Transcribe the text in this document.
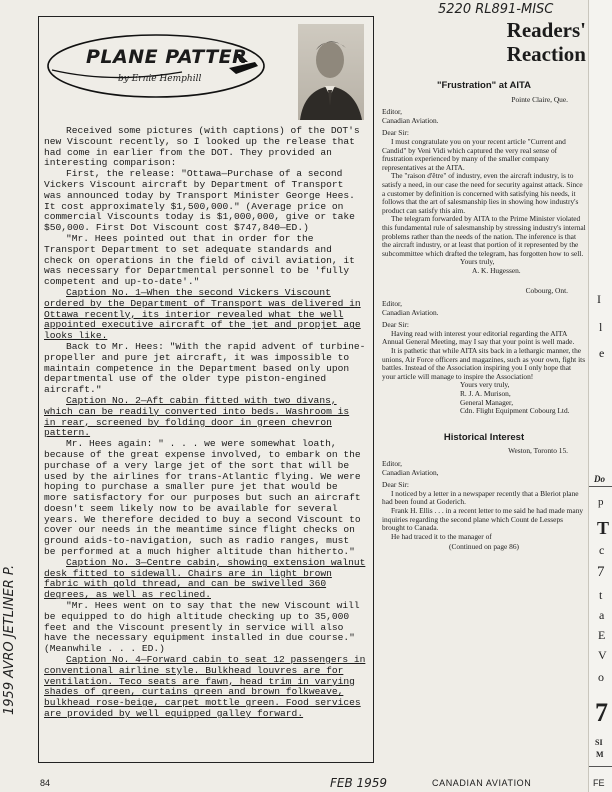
5220 RL891-MISC
1959 AVRO JETLINER P.
PLANE PATTER
by Ernie Hemphill

Received some pictures (with captions) of the DOT's new Viscount recently, so I looked up the release that had come in earlier from the DOT. They provided an interesting comparison:

First, the release: "Ottawa—Purchase of a second Vickers Viscount aircraft by Department of Transport was announced today by Transport Minister George Hees. It cost approximately $1,500,000." (Average price on commercial Viscounts today is $1,000,000, give or take $50,000. First Dot Viscount cost $747,840—ED.)

"Mr. Hees pointed out that in order for the Transport Department to set adequate standards and check on operations in the field of civil aviation, it was necessary for Departmental personnel to be 'fully competent and up-to-date'."

Caption No. 1—When the second Vickers Viscount ordered by the Department of Transport was delivered in Ottawa recently, its interior revealed what the well appointed executive aircraft of the jet and propjet age looks like.

Back to Mr. Hees: "With the rapid advent of turbine-propeller and pure jet aircraft, it was impossible to maintain competence in the Department based only upon departmental use of the older type piston-engined aircraft."

Caption No. 2—Aft cabin fitted with two divans, which can be readily converted into beds. Washroom is in rear, screened by folding door in green chevron pattern.

Mr. Hees again: " . . . we were somewhat loath, because of the great expense involved, to embark on the purchase of a very large jet of the sort that will be used by the airlines for trans-Atlantic flying. We were hoping to purchase a smaller pure jet that would be more satisfactory for our purposes but such an aircraft doesn't seem likely now to be available for several years. We therefore decided to buy a second Viscount to cover our needs in the meantime since flight checks on ground aids-to-navigation, such as radio ranges, must be performed at a much higher altitude than hitherto."

Caption No. 3—Centre cabin, showing extension walnut desk fitted to sidewall. Chairs are in light brown fabric with gold thread, and can be swivelled 360 degrees, as well as reclined.

"Mr. Hees went on to say that the new Viscount will be equipped to do high altitude checking up to 35,000 feet and the Viscount presently in service will also have the necessary equipment installed in due course." (Meanwhile . . . ED.)

Caption No. 4—Forward cabin to seat 12 passengers in conventional airline style. Bulkhead louvres are for ventilation. Teco seats are fawn, head trim in varying shades of green, curtains green and brown folkweave, bulkhead rose-beige, carpet mottle green. Food services are provided by well equipped galley forward.

Readers'
Reaction
"Frustration" at AITA
Pointe Claire, Que.
Editor,
Canadian Aviation.
Dear Sir:

I must congratulate you on your recent article "Current and Candid" by Veni Vidi which captured the very real sense of frustration experienced by many of the smaller company representatives at the AITA.

The "raison d'être" of industry, even the aircraft industry, is to satisfy a need, in our case the need for security against attack. Since a customer by definition is concerned with satisfying his needs, it follows that the art of salesmanship lies in showing how industry's product can satisfy this aim.

The telegram forwarded by AITA to the Prime Minister violated this fundamental rule of salesmanship by stressing industry's internal problems rather than the needs of the nation. The inference is that the aircraft industry, or at least that portion of it represented by the subcommittee which drafted the telegram, has forgotten how to sell.

Yours truly,
A. K. Hugessen.
Cobourg, Ont.
Editor,
Canadian Aviation.
Dear Sir:

Having read with interest your editorial regarding the AITA Annual General Meeting, may I say that your point is well made.

It is pathetic that while AITA sits back in a lethargic manner, the unions, Air Force officers and magazines, such as your own, fight its battles. Instead of the Association inspiring you I only hope that your article will manage to inspire the Association!

Yours very truly,
R. J. A. Murison,
General Manager,
Cdn. Flight Equipment Cobourg Ltd.
Historical Interest
Weston, Toronto 15.
Editor,
Canadian Aviation,
Dear Sir:

I noticed by a letter in a newspaper recently that a Bleriot plane had been found at Goderich.

Frank H. Ellis . . . in a recent letter to me said he had made many inquiries regarding the second plane which Count de Lesseps brought to Canada.

He had traced it to the manager of

(Continued on page 86)
I
l
e
Do
p
T
c
7
t
a
E
V
o
7
SI
M
FE
84	FEB 1959	CANADIAN AVIATION
